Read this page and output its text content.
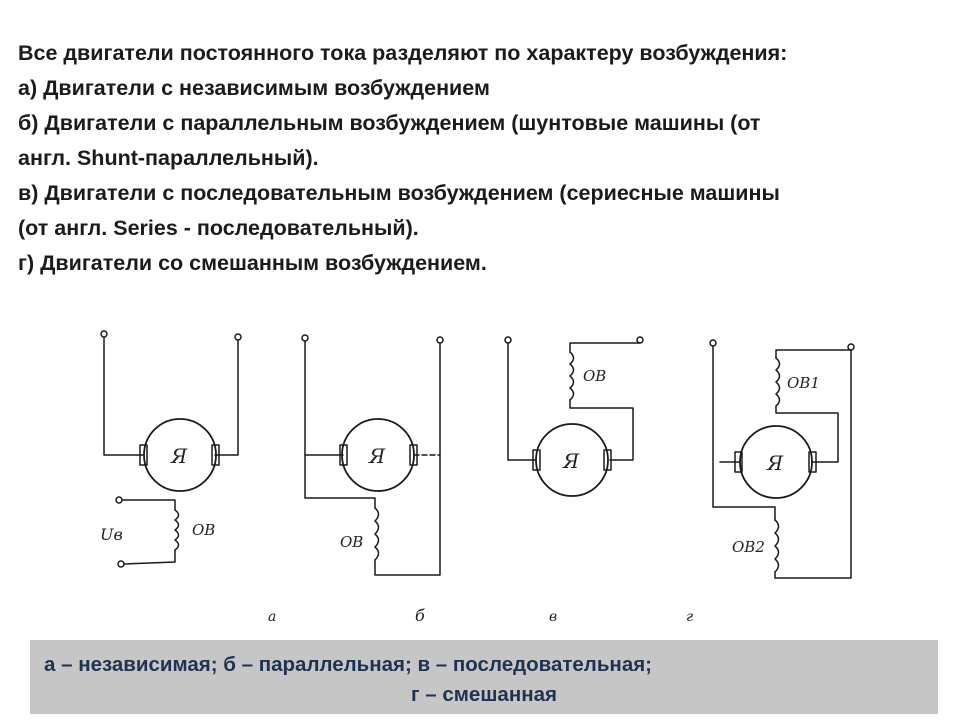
Все двигатели постоянного тока разделяют по характеру возбуждения:
а) Двигатели с независимым возбуждением
б) Двигатели с параллельным возбуждением (шунтовые машины (от
англ. Shunt-параллельный).
в) Двигатели с последовательным возбуждением (сериесные машины
(от англ. Series - последовательный).
г) Двигатели со смешанным возбуждением.
Я
Uв	ОВ
Я
ОВ
Я
ОВ
Я
ОВ1
ОВ2
а	б	в	г
а – независимая; б – параллельная; в – последовательная;
г – смешанная
